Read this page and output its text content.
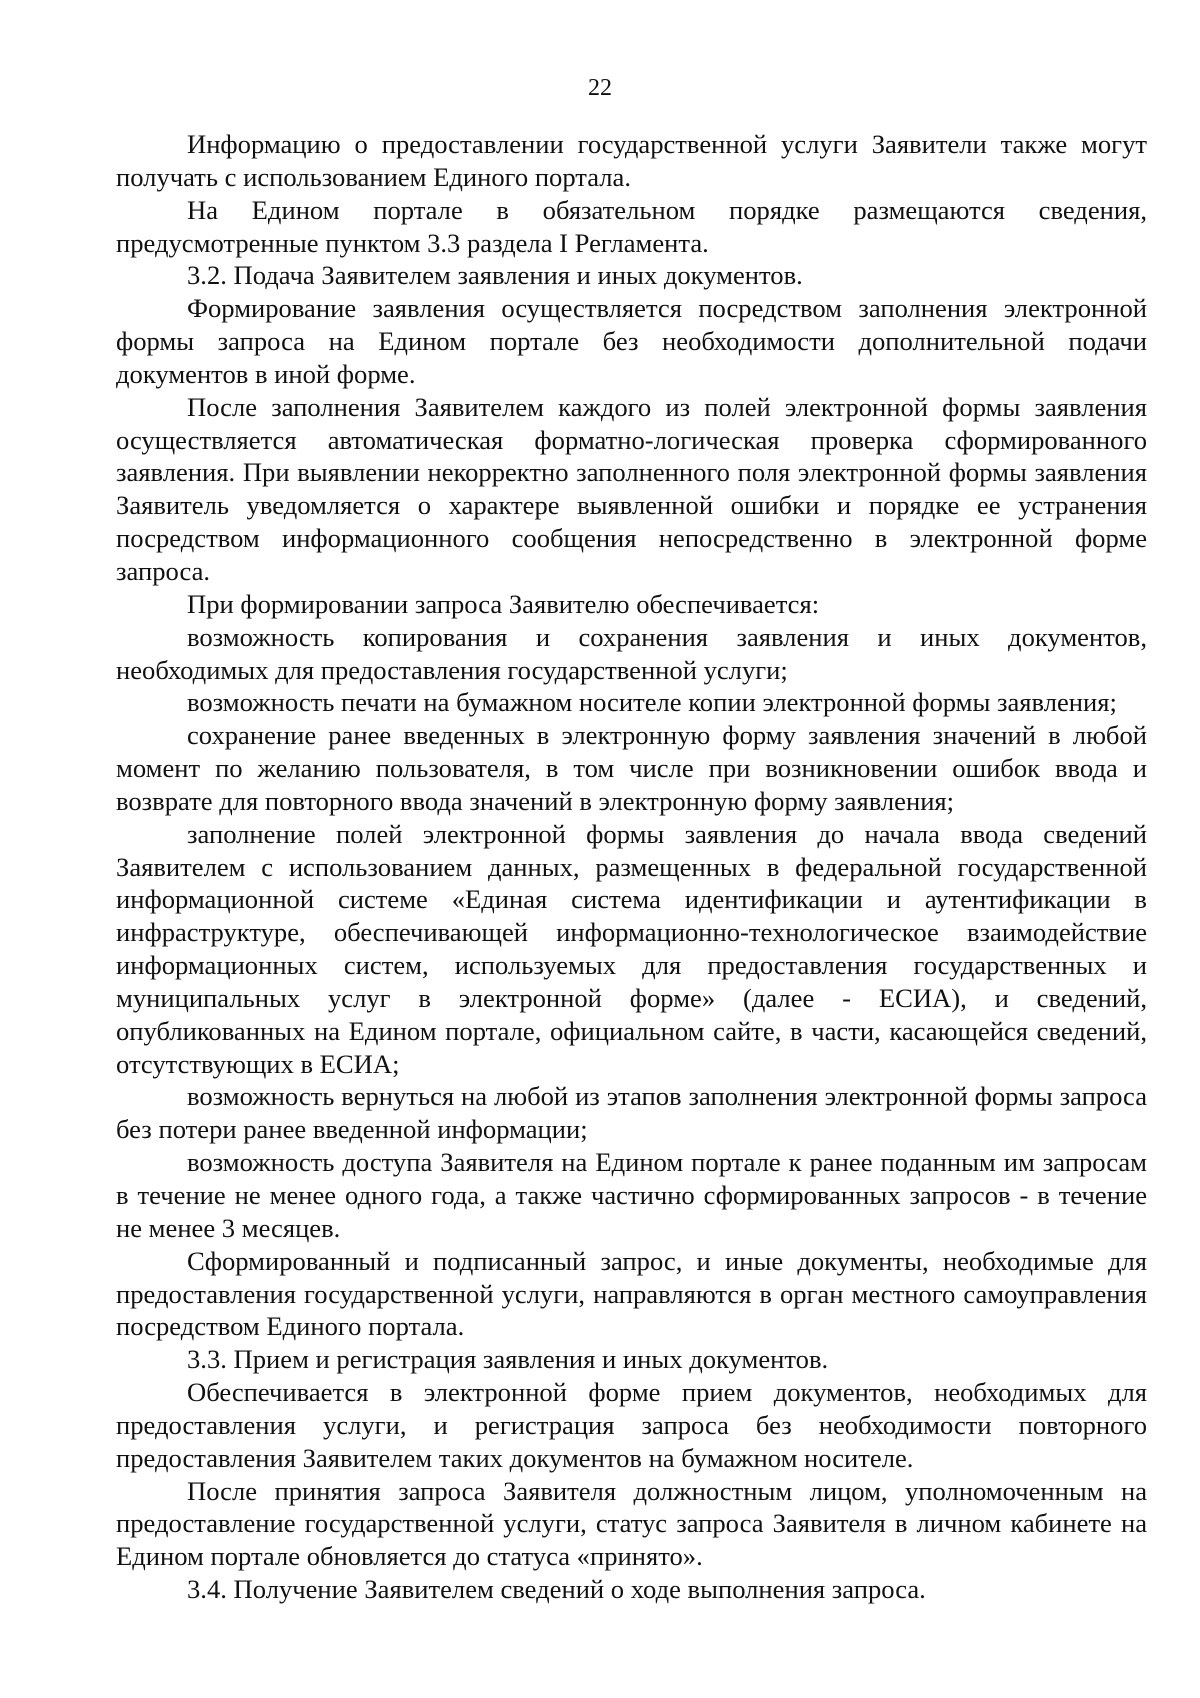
22

Информацию о предоставлении государственной услуги Заявители также могут получать с использованием Единого портала.

На Едином портале в обязательном порядке размещаются сведения, предусмотренные пунктом 3.3 раздела I Регламента.

3.2. Подача Заявителем заявления и иных документов.

Формирование заявления осуществляется посредством заполнения электронной формы запроса на Едином портале без необходимости дополнительной подачи документов в иной форме.

После заполнения Заявителем каждого из полей электронной формы заявления осуществляется автоматическая форматно-логическая проверка сформированного заявления. При выявлении некорректно заполненного поля электронной формы заявления Заявитель уведомляется о характере выявленной ошибки и порядке ее устранения посредством информационного сообщения непосредственно в электронной форме запроса.

При формировании запроса Заявителю обеспечивается:

возможность копирования и сохранения заявления и иных документов, необходимых для предоставления государственной услуги;

возможность печати на бумажном носителе копии электронной формы заявления;

сохранение ранее введенных в электронную форму заявления значений в любой момент по желанию пользователя, в том числе при возникновении ошибок ввода и возврате для повторного ввода значений в электронную форму заявления;

заполнение полей электронной формы заявления до начала ввода сведений Заявителем с использованием данных, размещенных в федеральной государственной информационной системе «Единая система идентификации и аутентификации в инфраструктуре, обеспечивающей информационно-технологическое взаимодействие информационных систем, используемых для предоставления государственных и муниципальных услуг в электронной форме» (далее - ЕСИА), и сведений, опубликованных на Едином портале, официальном сайте, в части, касающейся сведений, отсутствующих в ЕСИА;

возможность вернуться на любой из этапов заполнения электронной формы запроса без потери ранее введенной информации;

возможность доступа Заявителя на Едином портале к ранее поданным им запросам в течение не менее одного года, а также частично сформированных запросов - в течение не менее 3 месяцев.

Сформированный и подписанный запрос, и иные документы, необходимые для предоставления государственной услуги, направляются в орган местного самоуправления посредством Единого портала.

3.3. Прием и регистрация заявления и иных документов.

Обеспечивается в электронной форме прием документов, необходимых для предоставления услуги, и регистрация запроса без необходимости повторного предоставления Заявителем таких документов на бумажном носителе.

После принятия запроса Заявителя должностным лицом, уполномоченным на предоставление государственной услуги, статус запроса Заявителя в личном кабинете на Едином портале обновляется до статуса «принято».

3.4. Получение Заявителем сведений о ходе выполнения запроса.
